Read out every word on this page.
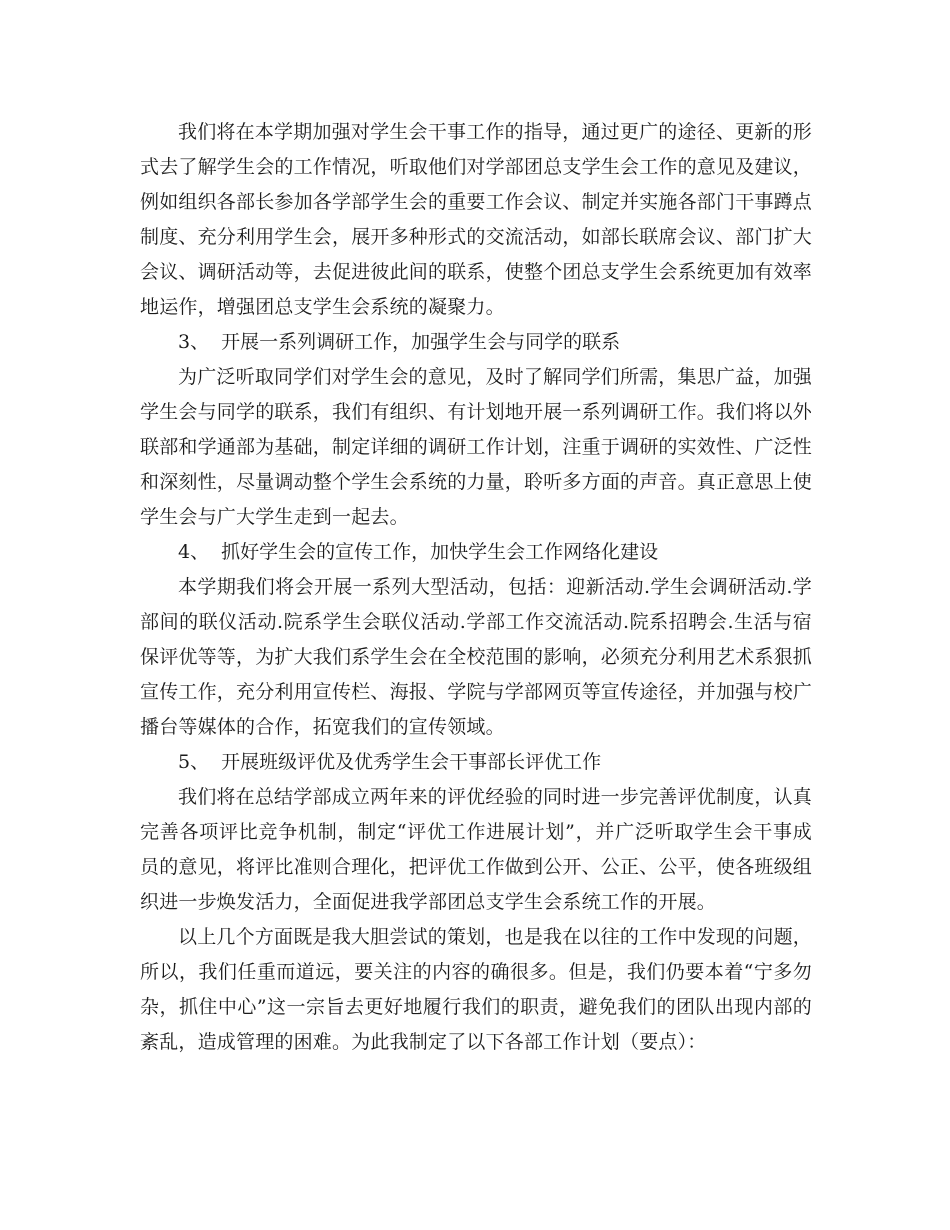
我们将在本学期加强对学生会干事工作的指导，通过更广的途径、更新的形式去了解学生会的工作情况，听取他们对学部团总支学生会工作的意见及建议，例如组织各部长参加各学部学生会的重要工作会议、制定并实施各部门干事蹲点制度、充分利用学生会，展开多种形式的交流活动，如部长联席会议、部门扩大会议、调研活动等，去促进彼此间的联系，使整个团总支学生会系统更加有效率地运作，增强团总支学生会系统的凝聚力。

3、  开展一系列调研工作，加强学生会与同学的联系

为广泛听取同学们对学生会的意见，及时了解同学们所需，集思广益，加强学生会与同学的联系，我们有组织、有计划地开展一系列调研工作。我们将以外联部和学通部为基础，制定详细的调研工作计划，注重于调研的实效性、广泛性和深刻性，尽量调动整个学生会系统的力量，聆听多方面的声音。真正意思上使学生会与广大学生走到一起去。

4、  抓好学生会的宣传工作，加快学生会工作网络化建设

本学期我们将会开展一系列大型活动，包括：迎新活动.学生会调研活动.学部间的联仪活动.院系学生会联仪活动.学部工作交流活动.院系招聘会.生活与宿保评优等等，为扩大我们系学生会在全校范围的影响，必须充分利用艺术系狠抓宣传工作，充分利用宣传栏、海报、学院与学部网页等宣传途径，并加强与校广播台等媒体的合作，拓宽我们的宣传领域。

5、  开展班级评优及优秀学生会干事部长评优工作

我们将在总结学部成立两年来的评优经验的同时进一步完善评优制度，认真完善各项评比竞争机制，制定“评优工作进展计划”，并广泛听取学生会干事成员的意见，将评比准则合理化，把评优工作做到公开、公正、公平，使各班级组织进一步焕发活力，全面促进我学部团总支学生会系统工作的开展。

以上几个方面既是我大胆尝试的策划，也是我在以往的工作中发现的问题，所以，我们任重而道远，要关注的内容的确很多。但是，我们仍要本着“宁多勿杂，抓住中心”这一宗旨去更好地履行我们的职责，避免我们的团队出现内部的紊乱，造成管理的困难。为此我制定了以下各部工作计划（要点）：
